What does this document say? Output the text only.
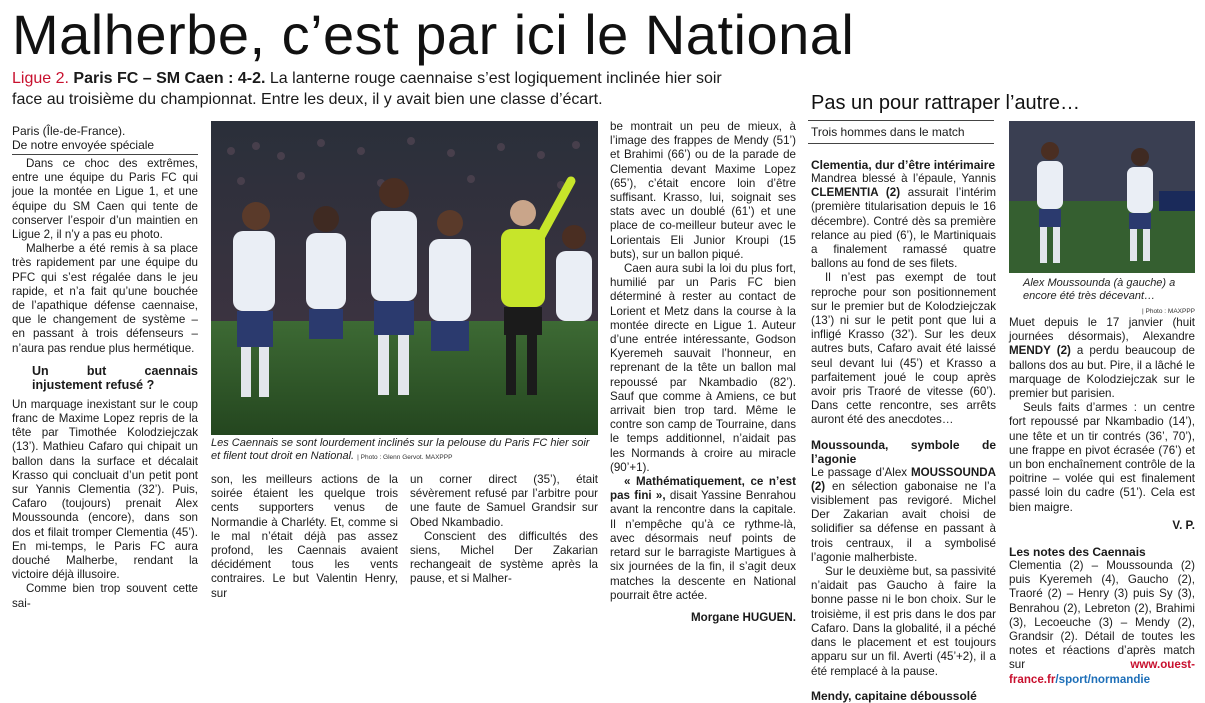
Malherbe, c’est par ici le National
Ligue 2. Paris FC – SM Caen : 4-2. La lanterne rouge caennaise s’est logiquement inclinée hier soir face au troisième du championnat. Entre les deux, il y avait bien une classe d’écart.
Paris (Île-de-France).
De notre envoyée spéciale

Dans ce choc des extrêmes, entre une équipe du Paris FC qui joue la montée en Ligue 1, et une équipe du SM Caen qui tente de conserver l’espoir d’un maintien en Ligue 2, il n’y a pas eu photo.

Malherbe a été remis à sa place très rapidement par une équipe du PFC qui s’est régalée dans le jeu rapide, et n’a fait qu’une bouchée de l’apathique défense caennaise, que le changement de système – en passant à trois défenseurs – n’aura pas rendue plus hermétique.

Un but caennais injustement refusé ?

Un marquage inexistant sur le coup franc de Maxime Lopez repris de la tête par Timothée Kolodziejczak (13’). Mathieu Cafaro qui chipait un ballon dans la surface et décalait Krasso qui concluait d’un petit pont sur Yannis Clementia (32’). Puis, Cafaro (toujours) prenait Alex Moussounda (encore), dans son dos et filait tromper Clementia (45’). En mi-temps, le Paris FC aura douché Malherbe, rendant la victoire déjà illusoire.

Comme bien trop souvent cette sai-

Les Caennais se sont lourdement inclinés sur la pelouse du Paris FC hier soir et filent tout droit en National. | Photo : Glenn Gervot. MAXPPP

son, les meilleurs actions de la soirée étaient les quelque trois cents supporters venus de Normandie à Charléty. Et, comme si le mal n’était déjà pas assez profond, les Caennais avaient décidément tous les vents contraires. Le but Valentin Henry, sur

un corner direct (35’), était sévèrement refusé par l’arbitre pour une faute de Samuel Grandsir sur Obed Nkambadio.

Conscient des difficultés des siens, Michel Der Zakarian rechangeait de système après la pause, et si Malher-

be montrait un peu de mieux, à l’image des frappes de Mendy (51’) et Brahimi (66’) ou de la parade de Clementia devant Maxime Lopez (65’), c’était encore loin d’être suffisant. Krasso, lui, soignait ses stats avec un doublé (61’) et une place de co-meilleur buteur avec le Lorientais Eli Junior Kroupi (15 buts), sur un ballon piqué.

Caen aura subi la loi du plus fort, humilié par un Paris FC bien déterminé à rester au contact de Lorient et Metz dans la course à la montée directe en Ligue 1. Auteur d’une entrée intéressante, Godson Kyeremeh sauvait l’honneur, en reprenant de la tête un ballon mal repoussé par Nkambadio (82’). Sauf que comme à Amiens, ce but arrivait bien trop tard. Même le contre son camp de Tourraine, dans le temps additionnel, n’aidait pas les Normands à croire au miracle (90’+1).

« Mathématiquement, ce n’est pas fini », disait Yassine Benrahou avant la rencontre dans la capitale. Il n’empêche qu’à ce rythme-là, avec désormais neuf points de retard sur le barragiste Martigues à six journées de la fin, il s’agit deux matches la descente en National pourrait être actée.

Morgane HUGUEN.
Pas un pour rattraper l’autre…
Trois hommes dans le match
Clementia, dur d’être intérimaire

Mandrea blessé à l’épaule, Yannis CLEMENTIA (2) assurait l’intérim (première titularisation depuis le 16 décembre). Contré dès sa première relance au pied (6’), le Martiniquais a finalement ramassé quatre ballons au fond de ses filets.

Il n’est pas exempt de tout reproche pour son positionnement sur le premier but de Kolodziejczak (13’) ni sur le petit pont que lui a infligé Krasso (32’). Sur les deux autres buts, Cafaro avait été laissé seul devant lui (45’) et Krasso a parfaitement joué le coup après avoir pris Traoré de vitesse (60’). Dans cette rencontre, ses arrêts auront été des anecdotes…

Moussounda, symbole de l’agonie

Le passage d’Alex MOUSSOUNDA (2) en sélection gabonaise ne l’a visiblement pas revigoré. Michel Der Zakarian avait choisi de solidifier sa défense en passant à trois centraux, il a symbolisé l’agonie malherbiste.

Sur le deuxième but, sa passivité n’aidait pas Gaucho à faire la bonne passe ni le bon choix. Sur le troisième, il est pris dans le dos par Cafaro. Dans la globalité, il a péché dans le placement et est toujours apparu sur un fil. Averti (45’+2), il a été remplacé à la pause.

Mendy, capitaine déboussolé
Alex Moussounda (à gauche) a encore été très décevant…
| Photo : MAXPPP

Muet depuis le 17 janvier (huit journées désormais), Alexandre MENDY (2) a perdu beaucoup de ballons dos au but. Pire, il a lâché le marquage de Kolodziejczak sur le premier but parisien.

Seuls faits d’armes : un centre fort repoussé par Nkambadio (14’), une tête et un tir contrés (36’, 70’), une frappe en pivot écrasée (76’) et un bon enchaînement contrôle de la poitrine – volée qui est finalement passé loin du cadre (51’). Cela est bien maigre.

V. P.
Les notes des Caennais

Clementia (2) – Moussounda (2) puis Kyeremeh (4), Gaucho (2), Traoré (2) – Henry (3) puis Sy (3), Benrahou (2), Lebreton (2), Brahimi (3), Lecoeuche (3) – Mendy (2), Grandsir (2). Détail de toutes les notes et réactions d’après match sur	www.ouest-france.fr/sport/normandie
